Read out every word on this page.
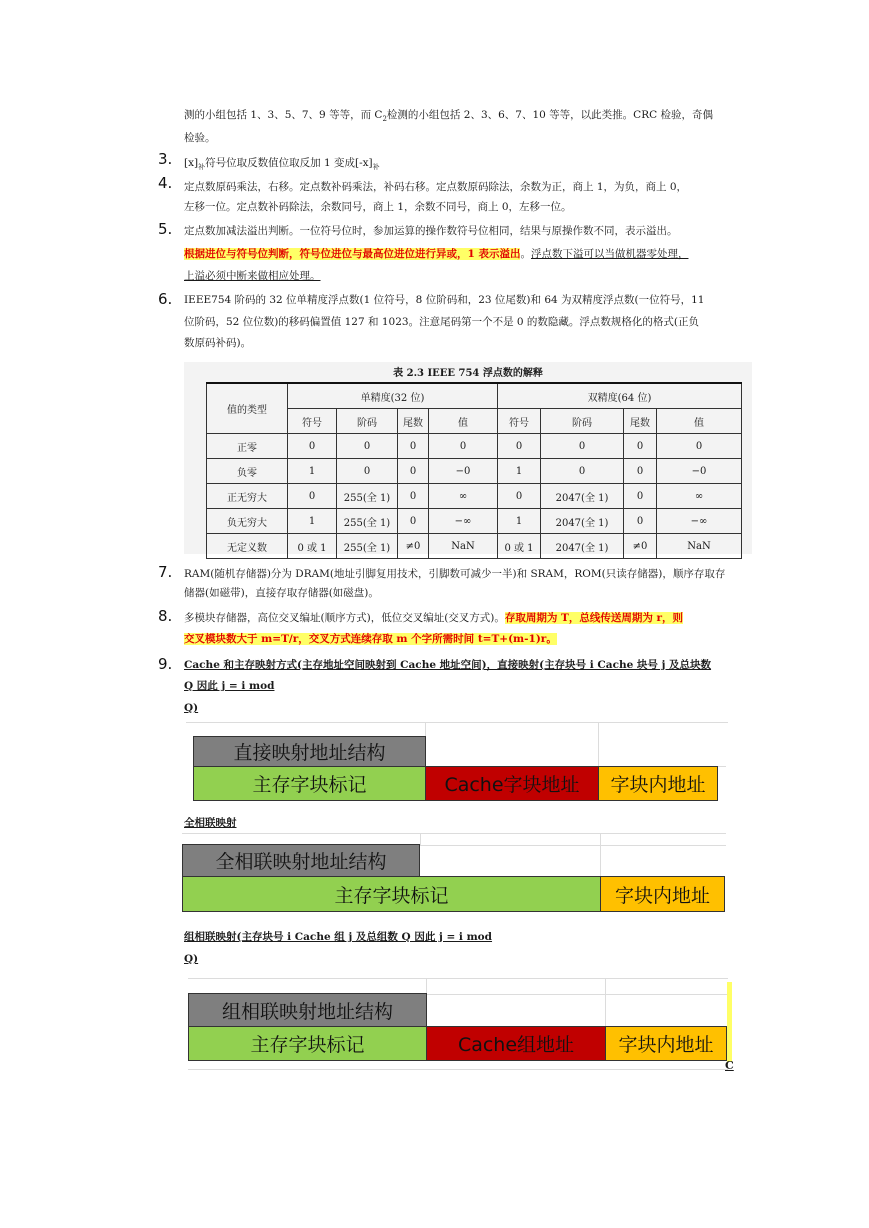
测的小组包括 1、3、5、7、9 等等，而 $C_2$检测的小组包括 2、3、6、7、10 等等，以此类推。CRC 检验，奇偶
检验。
3. $[x]_补$符号位取反数值位取反加 1 变成$[-x]_补$
4. 定点数原码乘法，右移。定点数补码乘法，补码右移。定点数原码除法，余数为正，商上 1，为负，商上 0，
左移一位。定点数补码除法，余数同号，商上 1，余数不同号，商上 0，左移一位。
5. 定点数加减法溢出判断。一位符号位时，参加运算的操作数符号位相同，结果与原操作数不同，表示溢出。
根据进位与符号位判断，符号位进位与最高位进位进行异或，1 表示溢出。浮点数下溢可以当做机器零处理，
上溢必须中断来做相应处理。
6. IEEE754 阶码的 32 位单精度浮点数(1 位符号，8 位阶码和，23 位尾数)和 64 为双精度浮点数(一位符号，11
位阶码，52 位位数)的移码偏置值 127 和 1023。注意尾码第一个不是 0 的数隐藏。浮点数规格化的格式(正负
数原码补码)。
表 2.3 IEEE 754 浮点数的解释
值的类型	单精度(32 位)				双精度(64 位)			
	符号	阶码	尾数	值	符号	阶码	尾数	值
正零	0	0	0	0	0	0	0	0
负零	1	0	0	−0	1	0	0	−0
正无穷大	0	255(全 1)	0	∞	0	2047(全 1)	0	∞
负无穷大	1	255(全 1)	0	−∞	1	2047(全 1)	0	−∞
无定义数	0 或 1	255(全 1)	≠0	NaN	0 或 1	2047(全 1)	≠0	NaN
7. RAM(随机存储器)分为 DRAM(地址引脚复用技术，引脚数可减少一半)和 SRAM，ROM(只读存储器)，顺序存取存
储器(如磁带)，直接存取存储器(如磁盘)。
8. 多模块存储器，高位交叉编址(顺序方式)，低位交叉编址(交叉方式)。存取周期为 T，总线传送周期为 r，则
交叉模块数大于 m=T/r，交叉方式连续存取 m 个字所需时间 t=T+(m-1)r。
9. Cache 和主存映射方式(主存地址空间映射到 Cache 地址空间)，直接映射(主存块号 i Cache 块号 j 及总块数
Q 因此 j = i mod
Q)
直接映射地址结构
主存字块标记	Cache字块地址	字块内地址
全相联映射
全相联映射地址结构
主存字块标记	字块内地址
组相联映射(主存块号 i Cache 组 j 及总组数 Q 因此 j = i mod
Q)
组相联映射地址结构
主存字块标记	Cache组地址	字块内地址
C
